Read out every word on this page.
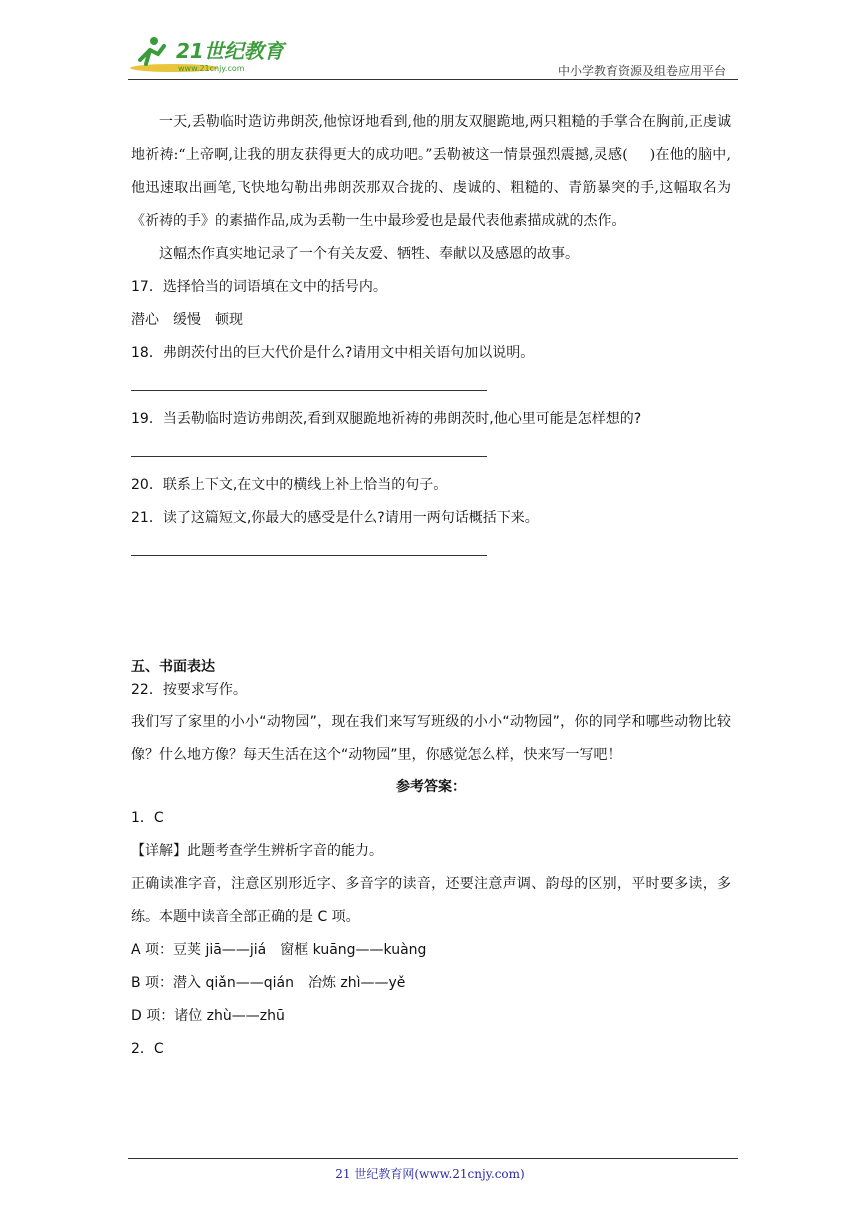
21世纪教育
www.21cnjy.com	中小学教育资源及组卷应用平台

一天,丢勒临时造访弗朗茨,他惊讶地看到,他的朋友双腿跪地,两只粗糙的手掌合在胸前,正虔诚地祈祷:“上帝啊,让我的朋友获得更大的成功吧。”丢勒被这一情景强烈震撼,灵感( )在他的脑中,他迅速取出画笔,飞快地勾勒出弗朗茨那双合拢的、虔诚的、粗糙的、青筋暴突的手,这幅取名为《祈祷的手》的素描作品,成为丢勒一生中最珍爱也是最代表他素描成就的杰作。

这幅杰作真实地记录了一个有关友爱、牺牲、奉献以及感恩的故事。

17．选择恰当的词语填在文中的括号内。

潜心　缓慢　顿现

18．弗朗茨付出的巨大代价是什么?请用文中相关语句加以说明。

19．当丢勒临时造访弗朗茨,看到双腿跪地祈祷的弗朗茨时,他心里可能是怎样想的?

20．联系上下文,在文中的横线上补上恰当的句子。

21．读了这篇短文,你最大的感受是什么?请用一两句话概括下来。

五、书面表达

22．按要求写作。

我们写了家里的小小“动物园”，现在我们来写写班级的小小“动物园”，你的同学和哪些动物比较像？什么地方像？每天生活在这个“动物园”里，你感觉怎么样，快来写一写吧！

参考答案：

1．C

【详解】此题考查学生辨析字音的能力。

正确读准字音，注意区别形近字、多音字的读音，还要注意声调、韵母的区别，平时要多读，多练。本题中读音全部正确的是 C 项。

A 项：豆荚 jiā——jiá　窗框 kuāng——kuàng

B 项：潜入 qiǎn——qián　冶炼 zhì——yě

D 项：诸位 zhù——zhū

2．C

21 世纪教育网(www.21cnjy.com)
